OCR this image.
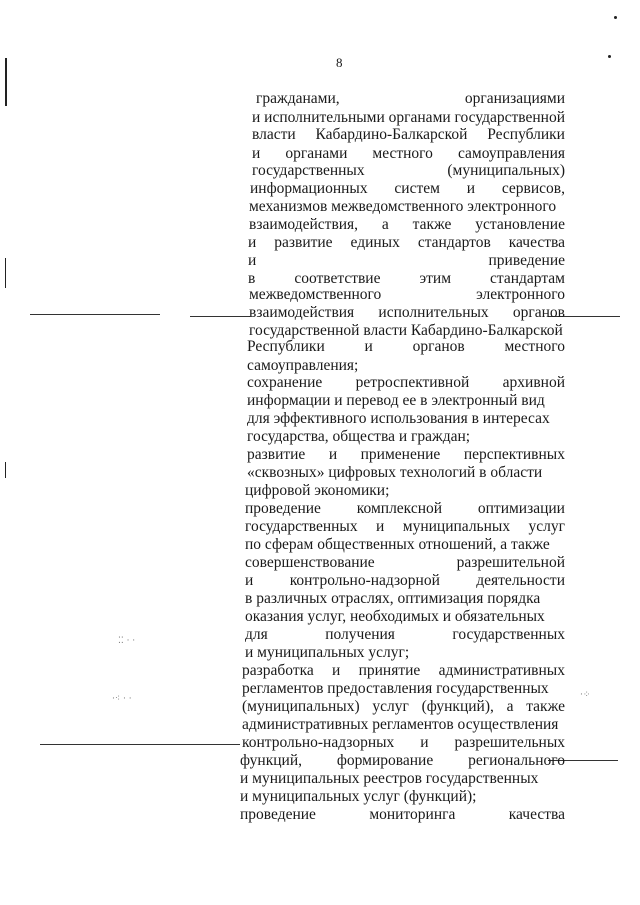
8
⁚⁚ · ·
·⁖ · ·	·⁘
гражданами,	организациями
и исполнительными органами государственной
власти Кабардино-Балкарской Республики
и органами местного самоуправления
государственных	(муниципальных)
информационных систем и сервисов,
механизмов межведомственного электронного
взаимодействия, а также установление
и развитие единых стандартов качества
и	приведение
в	соответствие	этим	стандартам
межведомственного	электронного
взаимодействия исполнительных органов
государственной власти Кабардино-Балкарской
Республики	и	органов	местного
самоуправления;
сохранение ретроспективной архивной
информации и перевод ее в электронный вид
для эффективного использования в интересах
государства, общества и граждан;
развитие и применение перспективных
«сквозных» цифровых технологий в области
цифровой экономики;
проведение комплексной оптимизации
государственных и муниципальных услуг
по сферам общественных отношений, а также
совершенствование	разрешительной
и контрольно-надзорной деятельности
в различных отраслях, оптимизация порядка
оказания услуг, необходимых и обязательных
для	получения	государственных
и муниципальных услуг;
разработка и принятие административных
регламентов предоставления государственных
(муниципальных) услуг (функций), а также
административных регламентов осуществления
контрольно-надзорных и разрешительных
функций, формирование регионального
и муниципальных реестров государственных
и муниципальных услуг (функций);
проведение	мониторинга	качества
